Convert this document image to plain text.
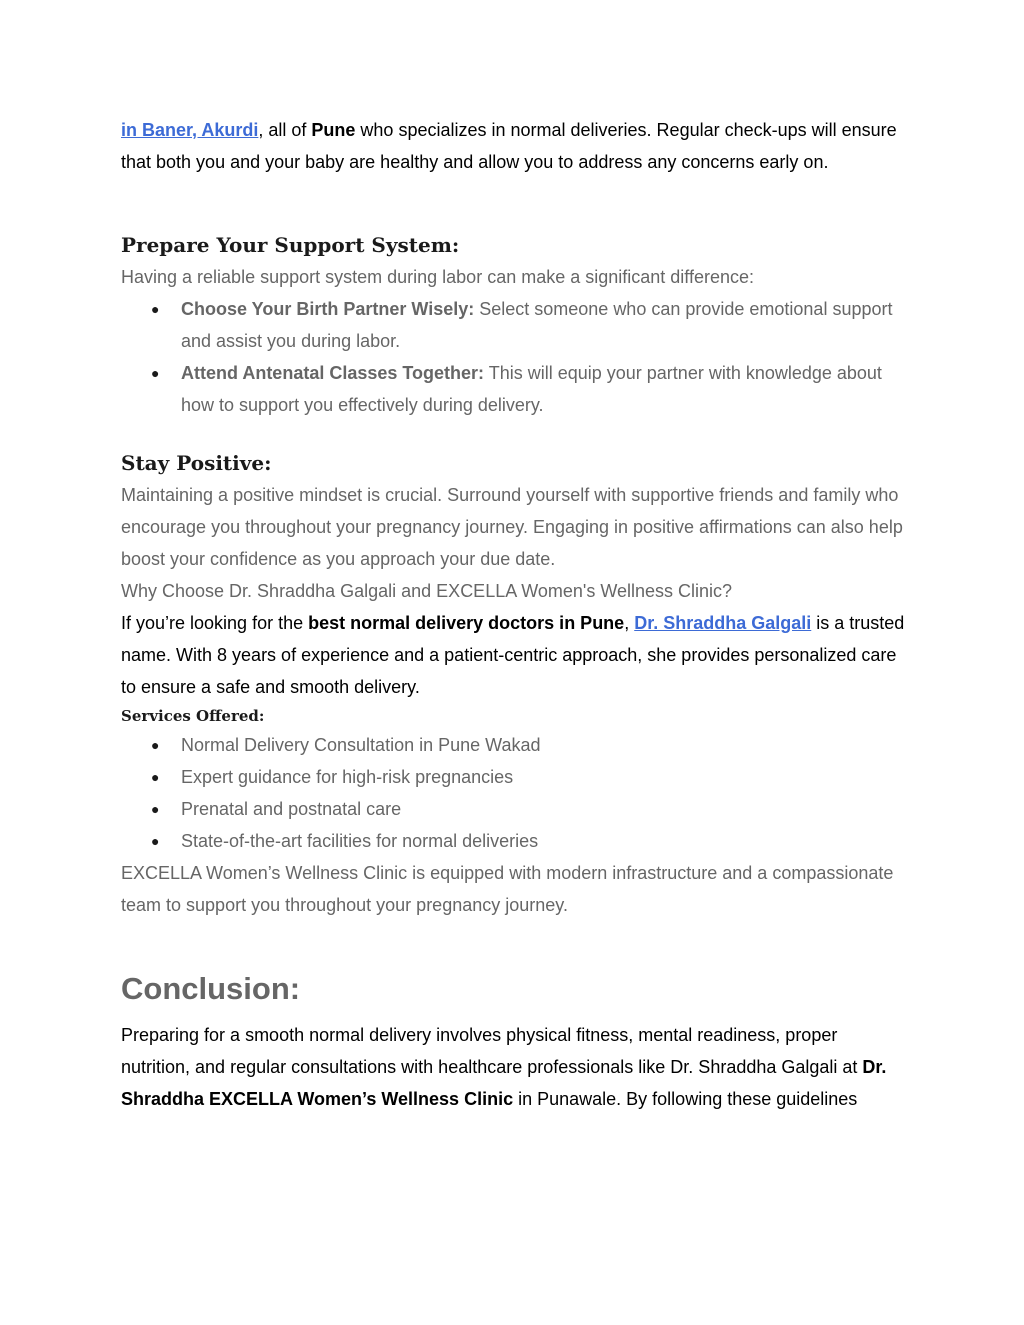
in Baner, Akurdi, all of Pune who specializes in normal deliveries. Regular check-ups will ensure that both you and your baby are healthy and allow you to address any concerns early on.

Prepare Your Support System:

Having a reliable support system during labor can make a significant difference:

● Choose Your Birth Partner Wisely: Select someone who can provide emotional support and assist you during labor.
● Attend Antenatal Classes Together: This will equip your partner with knowledge about how to support you effectively during delivery.
Stay Positive:

Maintaining a positive mindset is crucial. Surround yourself with supportive friends and family who encourage you throughout your pregnancy journey. Engaging in positive affirmations can also help boost your confidence as you approach your due date.

Why Choose Dr. Shraddha Galgali and EXCELLA Women's Wellness Clinic?

If you’re looking for the best normal delivery doctors in Pune, Dr. Shraddha Galgali is a trusted name. With 8 years of experience and a patient-centric approach, she provides personalized care to ensure a safe and smooth delivery.

Services Offered:
● Normal Delivery Consultation in Pune Wakad
● Expert guidance for high-risk pregnancies
● Prenatal and postnatal care
● State-of-the-art facilities for normal deliveries

EXCELLA Women’s Wellness Clinic is equipped with modern infrastructure and a compassionate team to support you throughout your pregnancy journey.

Conclusion:

Preparing for a smooth normal delivery involves physical fitness, mental readiness, proper nutrition, and regular consultations with healthcare professionals like Dr. Shraddha Galgali at Dr. Shraddha EXCELLA Women’s Wellness Clinic in Punawale. By following these guidelines
